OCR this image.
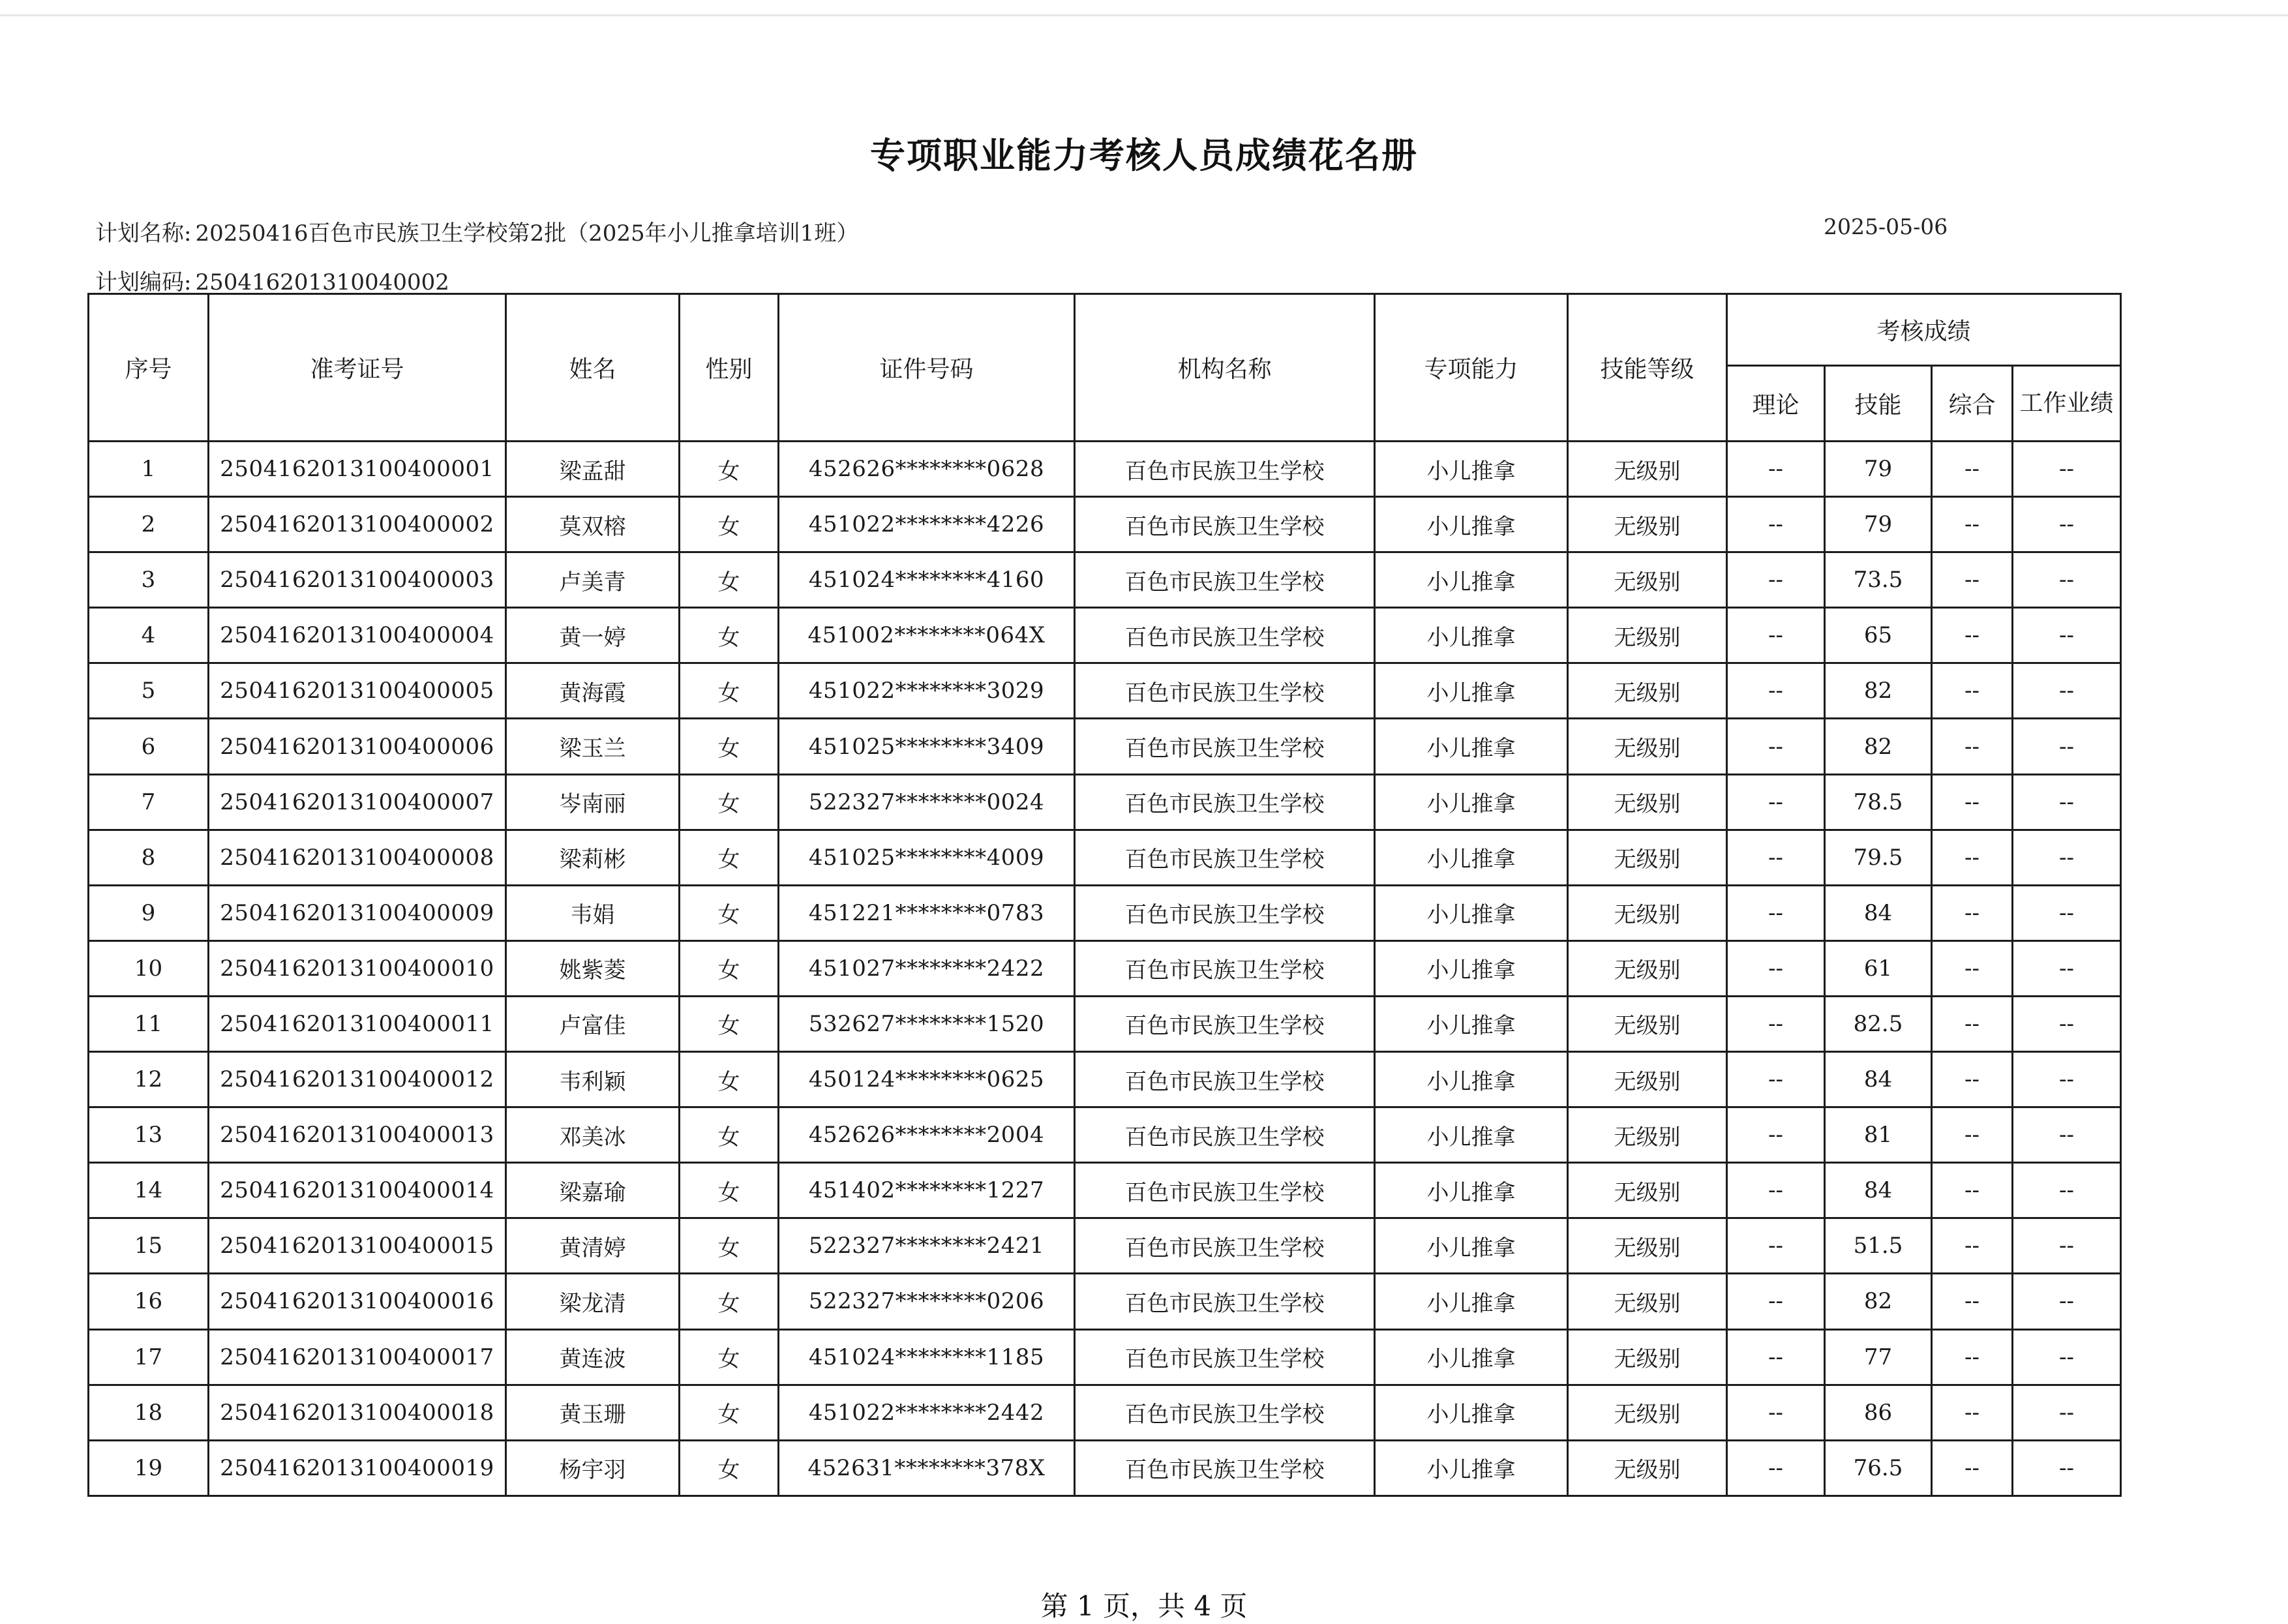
专项职业能力考核人员成绩花名册
计划名称: 20250416百色市民族卫生学校第2批（2025年小儿推拿培训1班）	2025-05-06
计划编码: 250416201310040002
序号	准考证号	姓名	性别	证件号码	机构名称	专项能力	技能等级	考核成绩			
								理论	技能	综合	工作业绩
1	2504162013100400001	梁孟甜	女	452626********0628	百色市民族卫生学校	小儿推拿	无级别	--	79	--	--
2	2504162013100400002	莫双榕	女	451022********4226	百色市民族卫生学校	小儿推拿	无级别	--	79	--	--
3	2504162013100400003	卢美青	女	451024********4160	百色市民族卫生学校	小儿推拿	无级别	--	73.5	--	--
4	2504162013100400004	黄一婷	女	451002********064X	百色市民族卫生学校	小儿推拿	无级别	--	65	--	--
5	2504162013100400005	黄海霞	女	451022********3029	百色市民族卫生学校	小儿推拿	无级别	--	82	--	--
6	2504162013100400006	梁玉兰	女	451025********3409	百色市民族卫生学校	小儿推拿	无级别	--	82	--	--
7	2504162013100400007	岑南丽	女	522327********0024	百色市民族卫生学校	小儿推拿	无级别	--	78.5	--	--
8	2504162013100400008	梁莉彬	女	451025********4009	百色市民族卫生学校	小儿推拿	无级别	--	79.5	--	--
9	2504162013100400009	韦娟	女	451221********0783	百色市民族卫生学校	小儿推拿	无级别	--	84	--	--
10	2504162013100400010	姚紫菱	女	451027********2422	百色市民族卫生学校	小儿推拿	无级别	--	61	--	--
11	2504162013100400011	卢富佳	女	532627********1520	百色市民族卫生学校	小儿推拿	无级别	--	82.5	--	--
12	2504162013100400012	韦利颖	女	450124********0625	百色市民族卫生学校	小儿推拿	无级别	--	84	--	--
13	2504162013100400013	邓美冰	女	452626********2004	百色市民族卫生学校	小儿推拿	无级别	--	81	--	--
14	2504162013100400014	梁嘉瑜	女	451402********1227	百色市民族卫生学校	小儿推拿	无级别	--	84	--	--
15	2504162013100400015	黄清婷	女	522327********2421	百色市民族卫生学校	小儿推拿	无级别	--	51.5	--	--
16	2504162013100400016	梁龙清	女	522327********0206	百色市民族卫生学校	小儿推拿	无级别	--	82	--	--
17	2504162013100400017	黄连波	女	451024********1185	百色市民族卫生学校	小儿推拿	无级别	--	77	--	--
18	2504162013100400018	黄玉珊	女	451022********2442	百色市民族卫生学校	小儿推拿	无级别	--	86	--	--
19	2504162013100400019	杨宇羽	女	452631********378X	百色市民族卫生学校	小儿推拿	无级别	--	76.5	--	--
第 1 页，共 4 页
